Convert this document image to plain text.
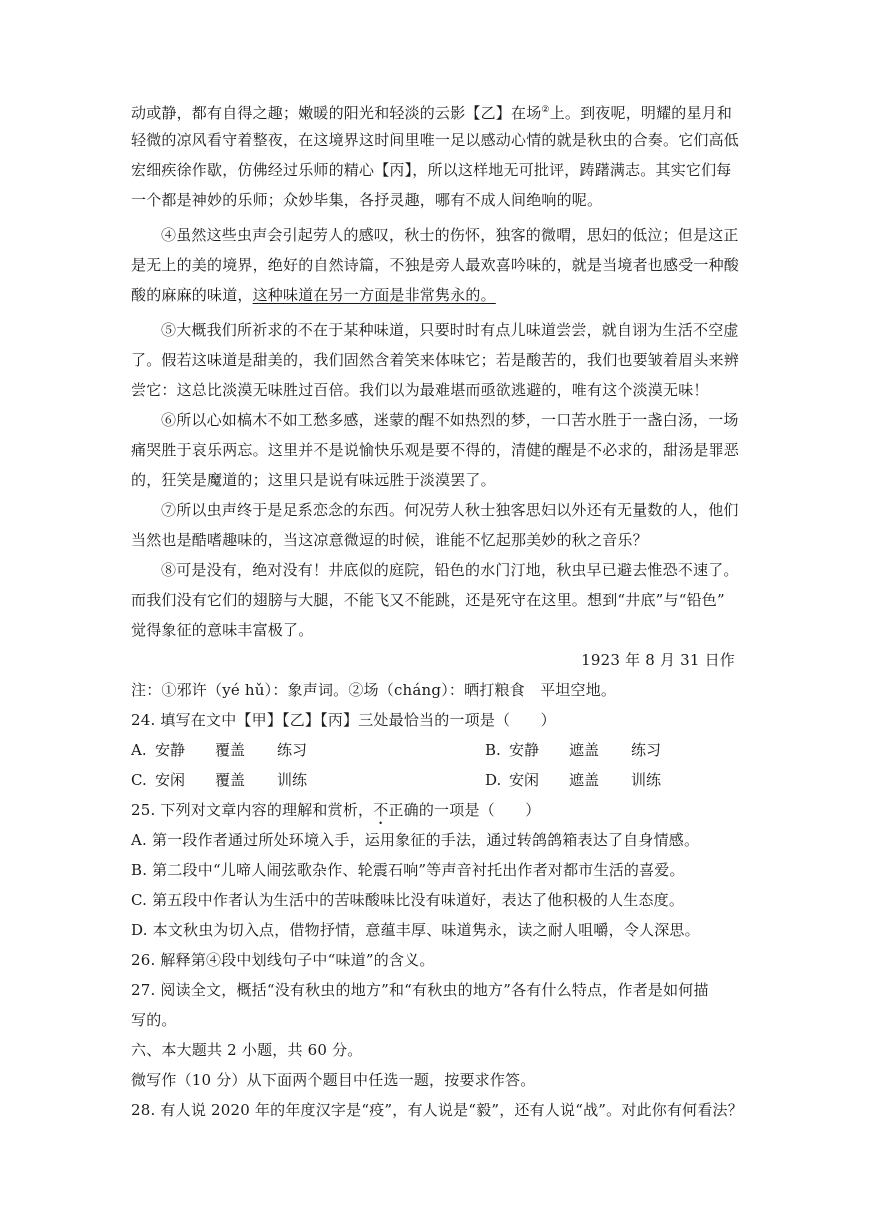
动或静，都有自得之趣；嫩暖的阳光和轻淡的云影【乙】在场②上。到夜呢，明耀的星月和
轻微的凉风看守着整夜，在这境界这时间里唯一足以感动心情的就是秋虫的合奏。它们高低
宏细疾徐作歇，仿佛经过乐师的精心【丙】，所以这样地无可批评，踌躇满志。其实它们每
一个都是神妙的乐师；众妙毕集，各抒灵趣，哪有不成人间绝响的呢。
④虽然这些虫声会引起劳人的感叹，秋士的伤怀，独客的微喟，思妇的低泣；但是这正
是无上的美的境界，绝好的自然诗篇，不独是旁人最欢喜吟味的，就是当境者也感受一种酸
酸的麻麻的味道，这种味道在另一方面是非常隽永的。
⑤大概我们所祈求的不在于某种味道，只要时时有点儿味道尝尝，就自诩为生活不空虚
了。假若这味道是甜美的，我们固然含着笑来体味它；若是酸苦的，我们也要皱着眉头来辨
尝它：这总比淡漠无味胜过百倍。我们以为最难堪而亟欲逃避的，唯有这个淡漠无味！
⑥所以心如槁木不如工愁多感，迷蒙的醒不如热烈的梦，一口苦水胜于一盏白汤，一场
痛哭胜于哀乐两忘。这里并不是说愉快乐观是要不得的，清健的醒是不必求的，甜汤是罪恶
的，狂笑是魔道的；这里只是说有味远胜于淡漠罢了。
⑦所以虫声终于是足系恋念的东西。何况劳人秋士独客思妇以外还有无量数的人，他们
当然也是酷嗜趣味的，当这凉意微逗的时候，谁能不忆起那美妙的秋之音乐？
⑧可是没有，绝对没有！井底似的庭院，铅色的水门汀地，秋虫早已避去惟恐不速了。
而我们没有它们的翅膀与大腿，不能飞又不能跳，还是死守在这里。想到“井底”与“铅色”
觉得象征的意味丰富极了。
1923 年 8 月 31 日作
注：①邪许（yé hǔ）：象声词。②场（cháng）：晒打粮食　平坦空地。
24. 填写在文中【甲】【乙】【丙】三处最恰当的一项是（　　）
A. 安静 覆盖 练习	B. 安静 遮盖 练习
C. 安闲 覆盖 训练	D. 安闲 遮盖 训练
25. 下列对文章内容的理解和赏析，不正确的一项是（　　）
A. 第一段作者通过所处环境入手，运用象征的手法，通过转鸽鸽箱表达了自身情感。
B. 第二段中“儿啼人闹弦歌杂作、轮震石响”等声音衬托出作者对都市生活的喜爱。
C. 第五段中作者认为生活中的苦味酸味比没有味道好，表达了他积极的人生态度。
D. 本文秋虫为切入点，借物抒情，意蕴丰厚、味道隽永，读之耐人咀嚼，令人深思。
26. 解释第④段中划线句子中“味道”的含义。
27. 阅读全文，概括“没有秋虫的地方”和“有秋虫的地方”各有什么特点，作者是如何描
写的。
六、本大题共 2 小题，共 60 分。
微写作（10 分）从下面两个题目中任选一题，按要求作答。
28. 有人说 2020 年的年度汉字是“疫”，有人说是“毅”，还有人说“战”。对此你有何看法？
